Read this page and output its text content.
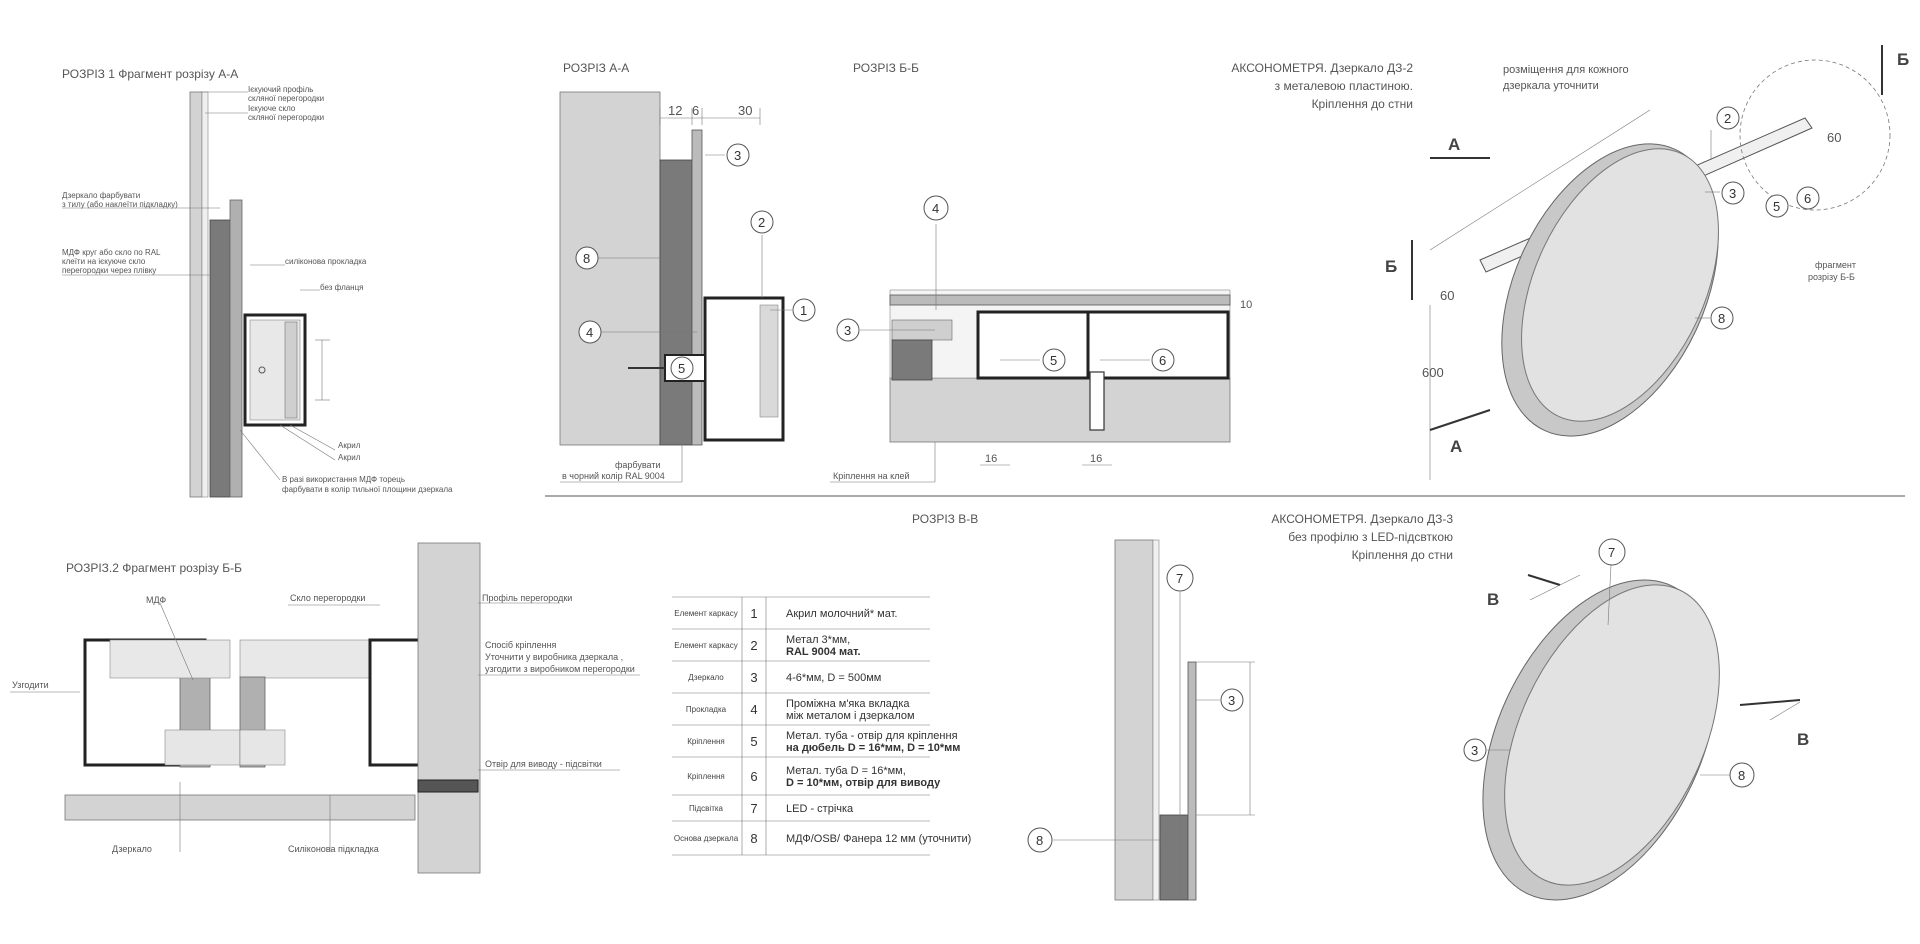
РОЗРІЗ 1 Фрагмент розрізу А-А
Ієкуючий профіль
скляної перегородки
Ієкуюче скло
скляної перегородки
Дзеркало фарбувати
з тилу (або наклеїти підкладку)
МДФ круг або скло по RAL
клеїти на ієкуюче скло
перегородки через плівку
силіконова прокладка
без фланця
Акрил
Акрил
В разі використання МДФ торець
фарбувати в колір тильної площини дзеркала
РОЗРІЗ А-А
12 6	30
3
2
8
1
4
5
фарбувати
в чорний колір RAL 9004
РОЗРІЗ Б-Б
4
3
5	6
16	16
10
Кріплення на клей
АКСОНОМЕТРЯ. Дзеркало ДЗ-2
з металевою пластиною.
Кріплення до стни
розміщення для кожного
дзеркала уточнити
60
60
600
А
А
Б
Б
2
3	6
5
8
фрагмент
розрізу Б-Б
РОЗРІЗ.2 Фрагмент розрізу Б-Б
МДФ
Узгодити
Дзеркало
Скло перегородки	Профіль перегородки
Спосіб кріплення
Уточнити у виробника дзеркала ,
узгодити з виробником перегородки
Отвір для виводу - підсвітки
Силіконова підкладка
Елемент каркасу 1	Акрил молочний* мат.
Елемент каркасу 2	Метал 3*мм,
RAL 9004 мат.
Дзеркало 3	4-6*мм, D = 500мм
Прокладка 4	Проміжна м'яка вкладка
між металом і дзеркалом
Кріплення 5	Метал. туба - отвір для кріплення
на дюбель D = 16*мм, D = 10*мм
Кріплення 6	Метал. туба D = 16*мм,
D = 10*мм, отвір для виводу
Підсвітка 7	LED - стрічка
Основа дзеркала 8	МДФ/OSB/ Фанера 12 мм (уточнити)
РОЗРІЗ В-В
7
3
8
АКСОНОМЕТРЯ. Дзеркало ДЗ-3
без профілю з LED-підсвткою
Кріплення до стни
В
В
7
3
8
